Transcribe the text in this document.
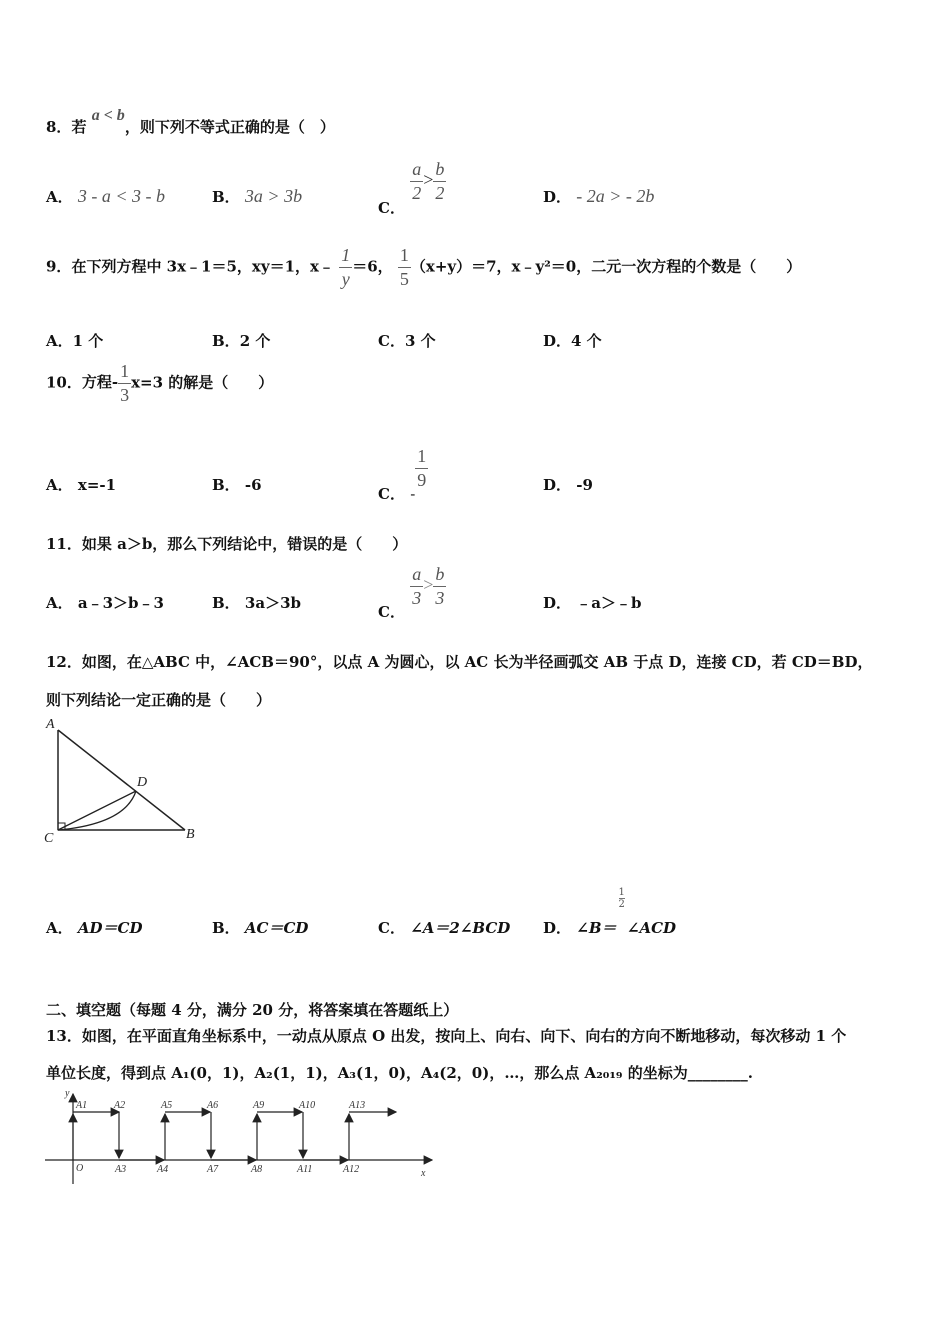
8．若 a < b，则下列不等式正确的是（　）
A． 3 - a < 3 - b	B． 3a > 3b
C．
$\frac{a}{2} > \frac{b}{2}$	D． - 2a > - 2b
9．在下列方程中 3x﹣1＝5，xy＝1，x﹣ $\frac{1}{y} =6$， $\frac{1}{5} (x+y)=7$，x﹣y²＝0，二元一次方程的个数是（　　）
A．1 个	B．2 个	C．3 个	D．4 个
10．方程- $\frac{1}{3} x=3$ 的解是（　　）
A． x=-1	B． -6
C． -
$\frac{1}{9}$	D． -9
11．如果 a＞b，那么下列结论中，错误的是（　　）
A． a﹣3＞b﹣3	B． 3a＞3b
C．
$\frac{a}{3} > \frac{b}{3}$	D． ﹣a＞﹣b
12．如图，在△ABC 中，∠ACB＝90°，以点 A 为圆心，以 AC 长为半径画弧交 AB 于点 D，连接 CD，若 CD＝BD，
则下列结论一定正确的是（　　）
A
D
C	B
A． AD＝CD	B． AC＝CD	C． ∠A＝2∠BCD D． ∠B＝
$\frac{1}{2}$
∠ACD
二、填空题（每题 4 分，满分 20 分，将答案填在答题纸上）
13．如图，在平面直角坐标系中，一动点从原点 O 出发，按向上、向右、向下、向右的方向不断地移动，每次移动 1 个
单位长度，得到点 A₁(0，1)，A₂(1，1)，A₃(1，0)，A₄(2，0)，…，那么点 A₂₀₁₉ 的坐标为________.
y
x
O
A1	A2
A3	A4
A5	A6
A7	A8
A9	A10
A11	A12
A13
